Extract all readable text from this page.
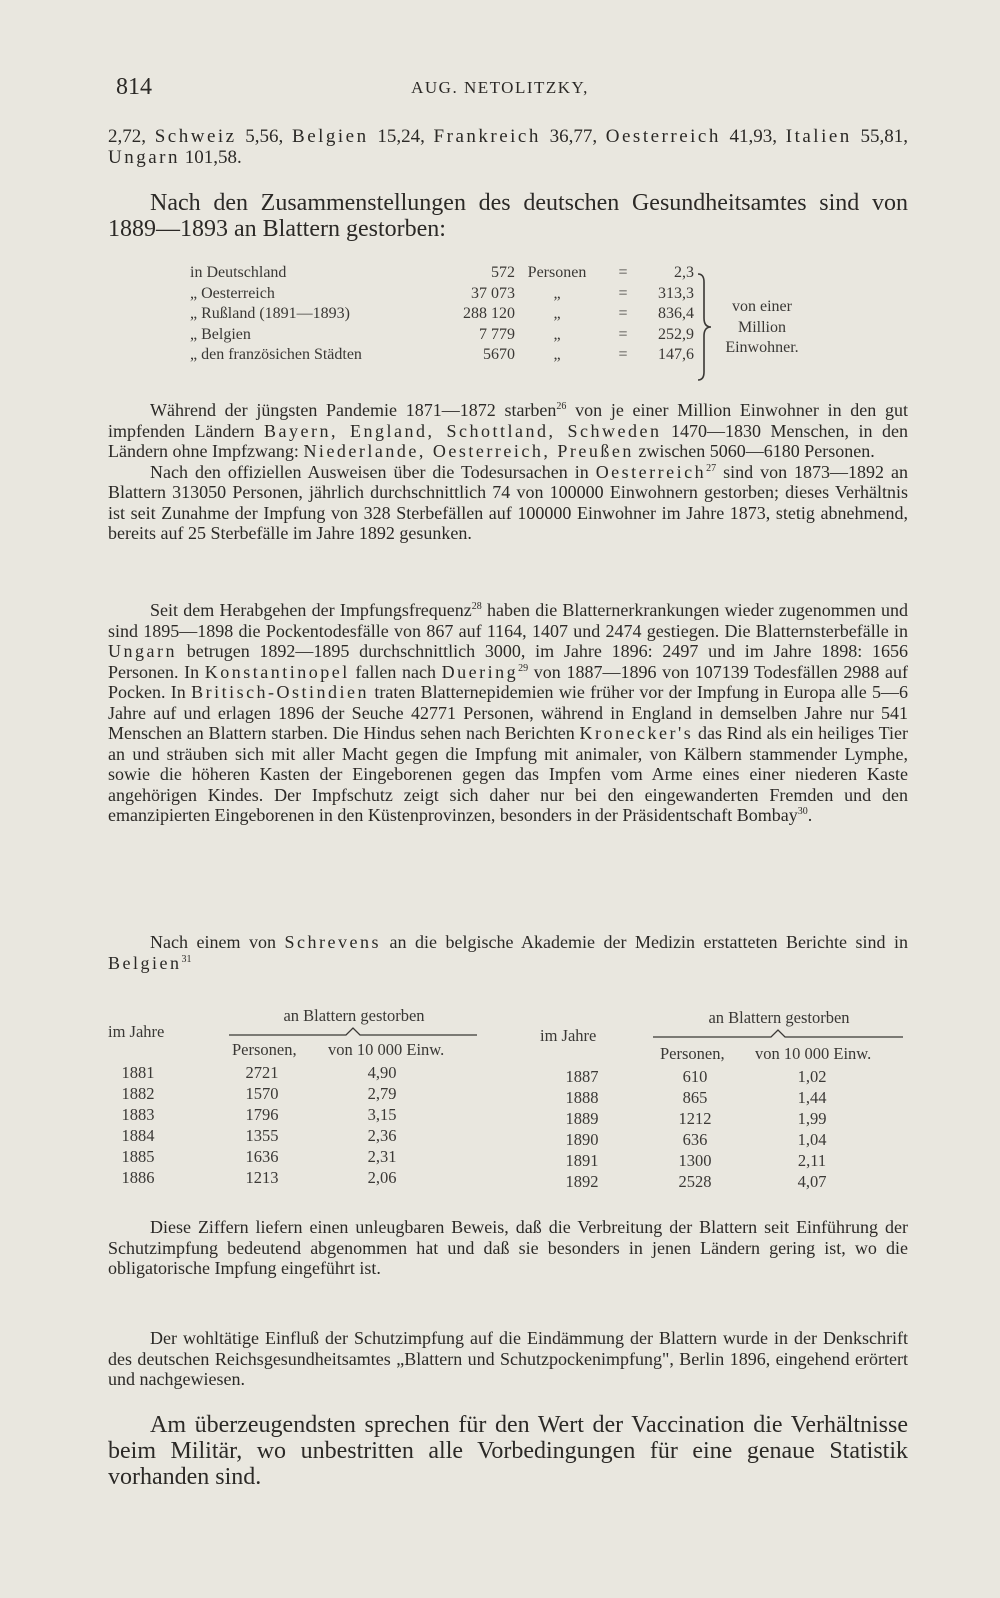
814	AUG. NETOLITZKY,

2,72, Schweiz 5,56, Belgien 15,24, Frankreich 36,77, Oesterreich 41,93, Italien 55,81, Ungarn 101,58.

Nach den Zusammenstellungen des deutschen Gesundheitsamtes sind von 1889—1893 an Blattern gestorben:

in Deutschland
„ Oesterreich
„ Rußland (1891—1893)
„ Belgien
„ den französichen Städten
572
37 073
288 120
7 779
5670
Personen
„
„
„
„
=
=
=
=
=
2,3
313,3
836,4
252,9
147,6
von einer
Million
Einwohner.

Während der jüngsten Pandemie 1871—1872 starben$^{26}$ von je einer Million Einwohner in den gut impfenden Ländern Bayern, England, Schottland, Schweden 1470—1830 Menschen, in den Ländern ohne Impfzwang: Niederlande, Oesterreich, Preußen zwischen 5060—6180 Personen.

Nach den offiziellen Ausweisen über die Todesursachen in Oesterreich$^{27}$ sind von 1873—1892 an Blattern 313050 Personen, jährlich durchschnittlich 74 von 100000 Einwohnern gestorben; dieses Verhältnis ist seit Zunahme der Impfung von 328 Sterbefällen auf 100000 Einwohner im Jahre 1873, stetig abnehmend, bereits auf 25 Sterbefälle im Jahre 1892 gesunken.

Seit dem Herabgehen der Impfungsfrequenz$^{28}$ haben die Blatternerkrankungen wieder zugenommen und sind 1895—1898 die Pockentodesfälle von 867 auf 1164, 1407 und 2474 gestiegen. Die Blatternsterbefälle in Ungarn betrugen 1892—1895 durchschnittlich 3000, im Jahre 1896: 2497 und im Jahre 1898: 1656 Personen. In Konstantinopel fallen nach Duering$^{29}$ von 1887—1896 von 107139 Todesfällen 2988 auf Pocken. In Britisch-Ostindien traten Blatternepidemien wie früher vor der Impfung in Europa alle 5—6 Jahre auf und erlagen 1896 der Seuche 42771 Personen, während in England in demselben Jahre nur 541 Menschen an Blattern starben. Die Hindus sehen nach Berichten Kronecker's das Rind als ein heiliges Tier an und sträuben sich mit aller Macht gegen die Impfung mit animaler, von Kälbern stammender Lymphe, sowie die höheren Kasten der Eingeborenen gegen das Impfen vom Arme eines einer niederen Kaste angehörigen Kindes. Der Impfschutz zeigt sich daher nur bei den eingewanderten Fremden und den emanzipierten Eingeborenen in den Küstenprovinzen, besonders in der Präsidentschaft Bombay$^{30}$.

Nach einem von Schrevens an die belgische Akademie der Medizin erstatteten Berichte sind in Belgien$^{31}$

im Jahre
an Blattern gestorben
Personen, von 10 000 Einw.
1881
1882
1883
1884
1885
1886
2721
1570
1796
1355
1636
1213
4,90
2,79
3,15
2,36
2,31
2,06
im Jahre
an Blattern gestorben
Personen, von 10 000 Einw.
1887
1888
1889
1890
1891
1892
610
865
1212
636
1300
2528
1,02
1,44
1,99
1,04
2,11
4,07

Diese Ziffern liefern einen unleugbaren Beweis, daß die Verbreitung der Blattern seit Einführung der Schutzimpfung bedeutend abgenommen hat und daß sie besonders in jenen Ländern gering ist, wo die obligatorische Impfung eingeführt ist.

Der wohltätige Einfluß der Schutzimpfung auf die Eindämmung der Blattern wurde in der Denkschrift des deutschen Reichsgesundheitsamtes „Blattern und Schutzpockenimpfung", Berlin 1896, eingehend erörtert und nachgewiesen.

Am überzeugendsten sprechen für den Wert der Vaccination die Verhältnisse beim Militär, wo unbestritten alle Vorbedingungen für eine genaue Statistik vorhanden sind.
